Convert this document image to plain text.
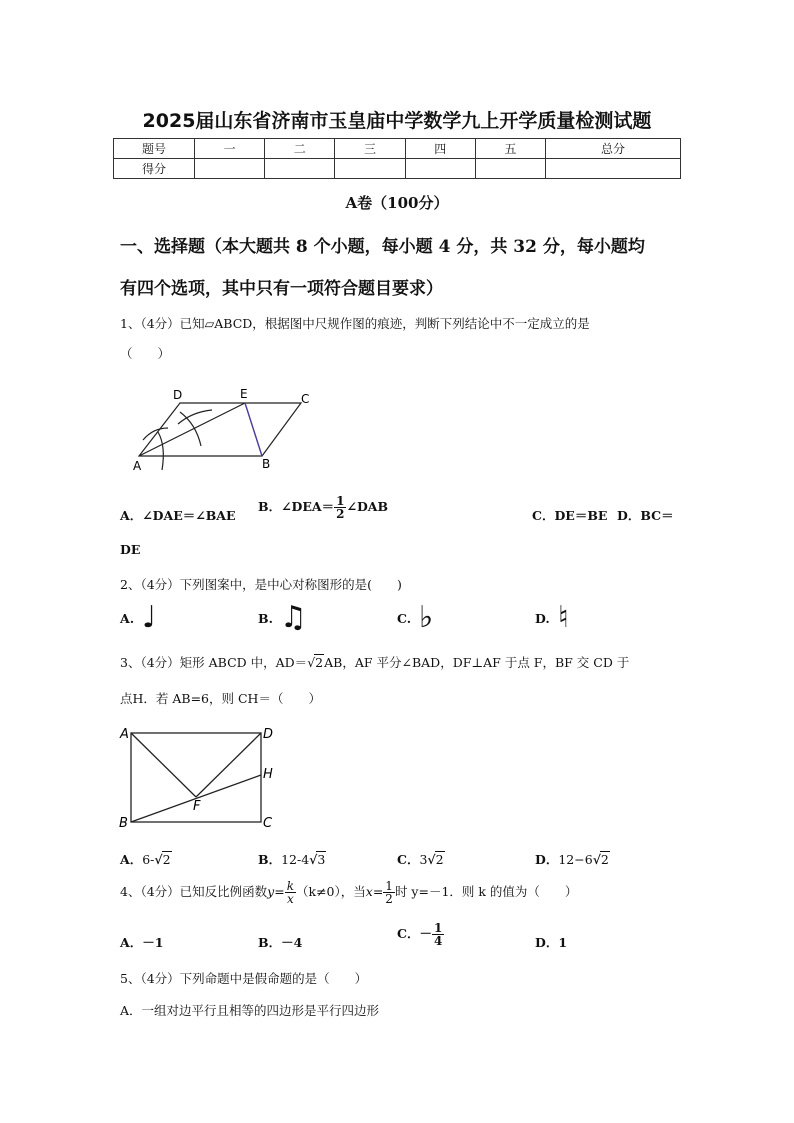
2025届山东省济南市玉皇庙中学数学九上开学质量检测试题
题号	一	二	三	四	五	总分
得分						
A卷（100分）
一、选择题（本大题共 8 个小题，每小题 4 分，共 32 分，每小题均
有四个选项，其中只有一项符合题目要求）
1、（4分）已知▱ABCD，根据图中尺规作图的痕迹，判断下列结论中不一定成立的是
（　　）
A	B
C
D	E
A．∠DAE＝∠BAE
B．∠DEA＝ $\frac{1}{2}$ ∠DAB
C．DE＝BE D．BC＝
DE
2、（4分）下列图案中，是中心对称图形的是(　　)
A. ♩	B. ♫	C. ♭	D. ♮
3、（4分）矩形 ABCD 中，AD＝√2AB，AF 平分∠BAD，DF⊥AF 于点 F，BF 交 CD 于
点H．若 AB=6，则 CH＝（　　）
A
B	C
D
F
H
A．6-√2	B．12-4√3	C．3√2	D．12−6√2
4、（4分）已知反比例函数$y= \frac{k}{x} (k\ne 0)$，当$x= \frac{1}{2}$ 时 y=－1．则 k 的值为（　　）
A．－1	B．－4
C．－ $\frac{1}{4}$	D．1
5、（4分）下列命题中是假命题的是（　　）
A．一组对边平行且相等的四边形是平行四边形
